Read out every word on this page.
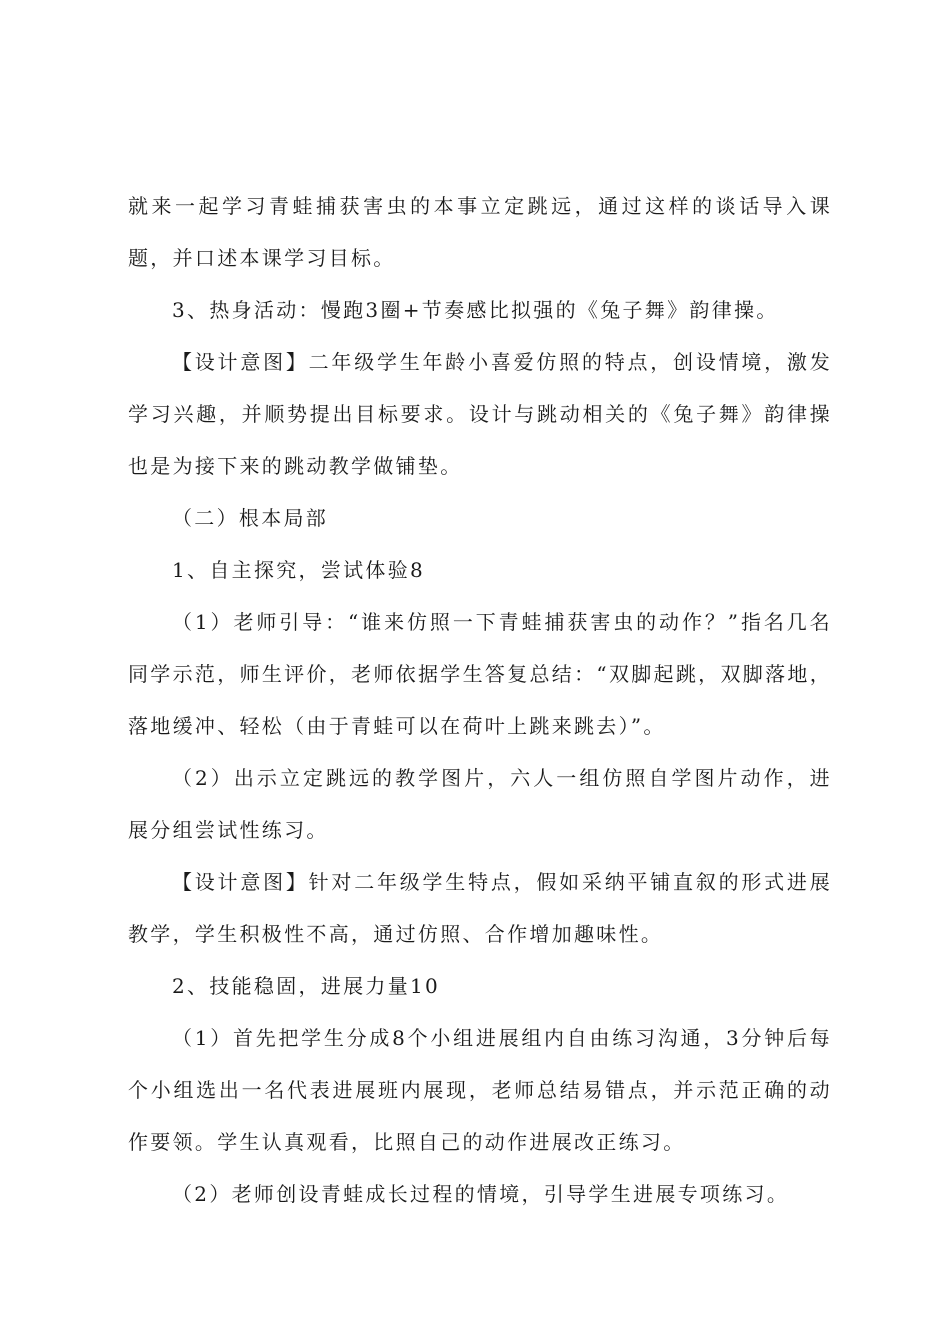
就来一起学习青蛙捕获害虫的本事立定跳远，通过这样的谈话导入课题，并口述本课学习目标。

3、热身活动：慢跑3圈+节奏感比拟强的《兔子舞》韵律操。

【设计意图】二年级学生年龄小喜爱仿照的特点，创设情境，激发学习兴趣，并顺势提出目标要求。设计与跳动相关的《兔子舞》韵律操也是为接下来的跳动教学做铺垫。

（二）根本局部

1、自主探究，尝试体验8

（1）老师引导：“谁来仿照一下青蛙捕获害虫的动作？”指名几名同学示范，师生评价，老师依据学生答复总结：“双脚起跳，双脚落地，落地缓冲、轻松（由于青蛙可以在荷叶上跳来跳去）”。

（2）出示立定跳远的教学图片，六人一组仿照自学图片动作，进展分组尝试性练习。

【设计意图】针对二年级学生特点，假如采纳平铺直叙的形式进展教学，学生积极性不高，通过仿照、合作增加趣味性。

2、技能稳固，进展力量10

（1）首先把学生分成8个小组进展组内自由练习沟通，3分钟后每个小组选出一名代表进展班内展现，老师总结易错点，并示范正确的动作要领。学生认真观看，比照自己的动作进展改正练习。

（2）老师创设青蛙成长过程的情境，引导学生进展专项练习。
